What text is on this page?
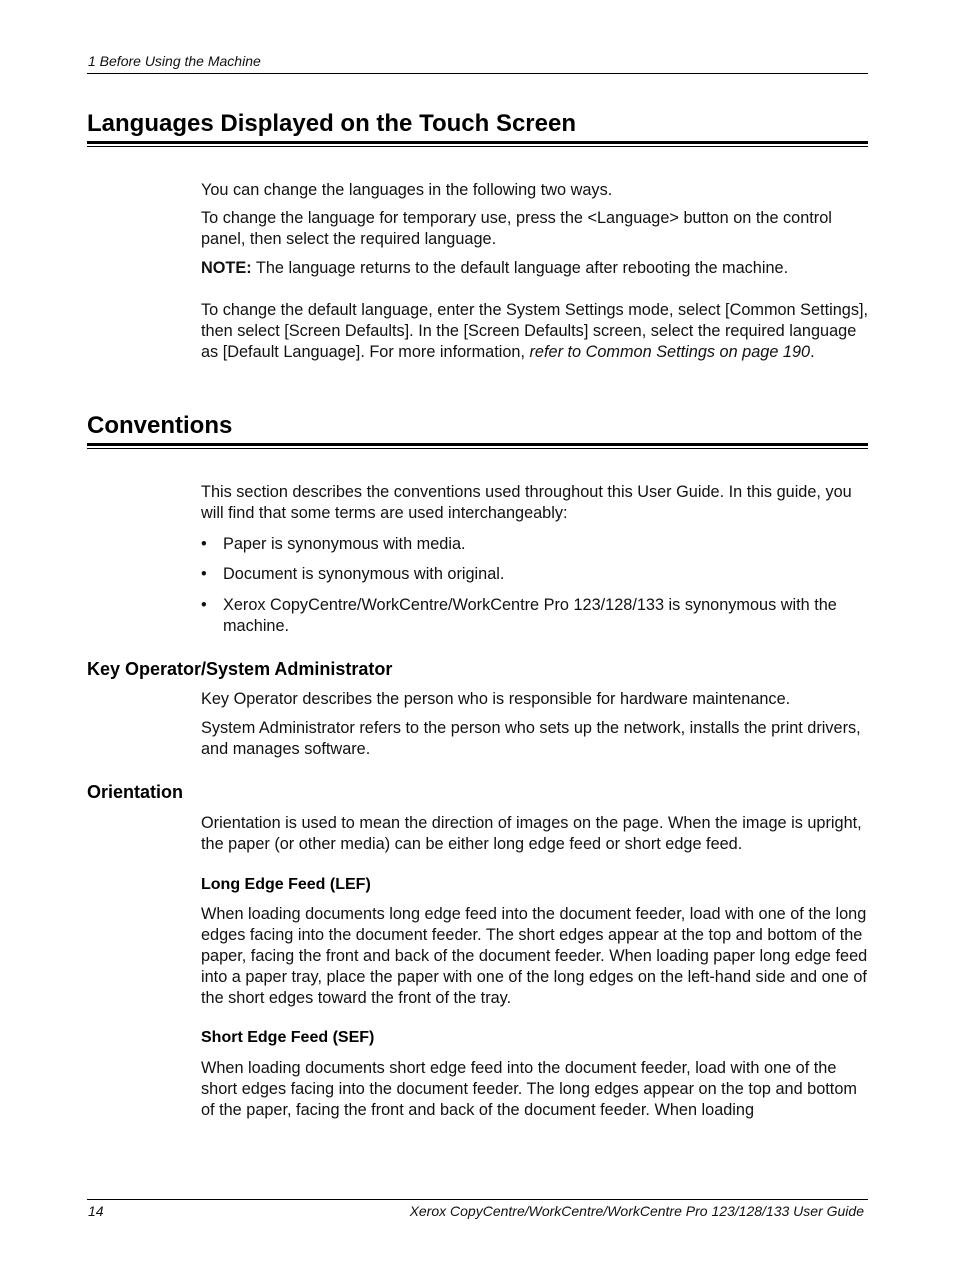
1 Before Using the Machine
Languages Displayed on the Touch Screen

You can change the languages in the following two ways.

To change the language for temporary use, press the <Language> button on the control panel, then select the required language.

NOTE: The language returns to the default language after rebooting the machine.

To change the default language, enter the System Settings mode, select [Common Settings], then select [Screen Defaults]. In the [Screen Defaults] screen, select the required language as [Default Language]. For more information, refer to Common Settings on page 190.

Conventions

This section describes the conventions used throughout this User Guide. In this guide, you will find that some terms are used interchangeably:

• Paper is synonymous with media.
• Document is synonymous with original.
• Xerox CopyCentre/WorkCentre/WorkCentre Pro 123/128/133 is synonymous with the machine.
Key Operator/System Administrator

Key Operator describes the person who is responsible for hardware maintenance.

System Administrator refers to the person who sets up the network, installs the print drivers, and manages software.

Orientation

Orientation is used to mean the direction of images on the page. When the image is upright, the paper (or other media) can be either long edge feed or short edge feed.

Long Edge Feed (LEF)

When loading documents long edge feed into the document feeder, load with one of the long edges facing into the document feeder. The short edges appear at the top and bottom of the paper, facing the front and back of the document feeder. When loading paper long edge feed into a paper tray, place the paper with one of the long edges on the left-hand side and one of the short edges toward the front of the tray.

Short Edge Feed (SEF)

When loading documents short edge feed into the document feeder, load with one of the short edges facing into the document feeder. The long edges appear on the top and bottom of the paper, facing the front and back of the document feeder. When loading

14	Xerox CopyCentre/WorkCentre/WorkCentre Pro 123/128/133 User Guide
